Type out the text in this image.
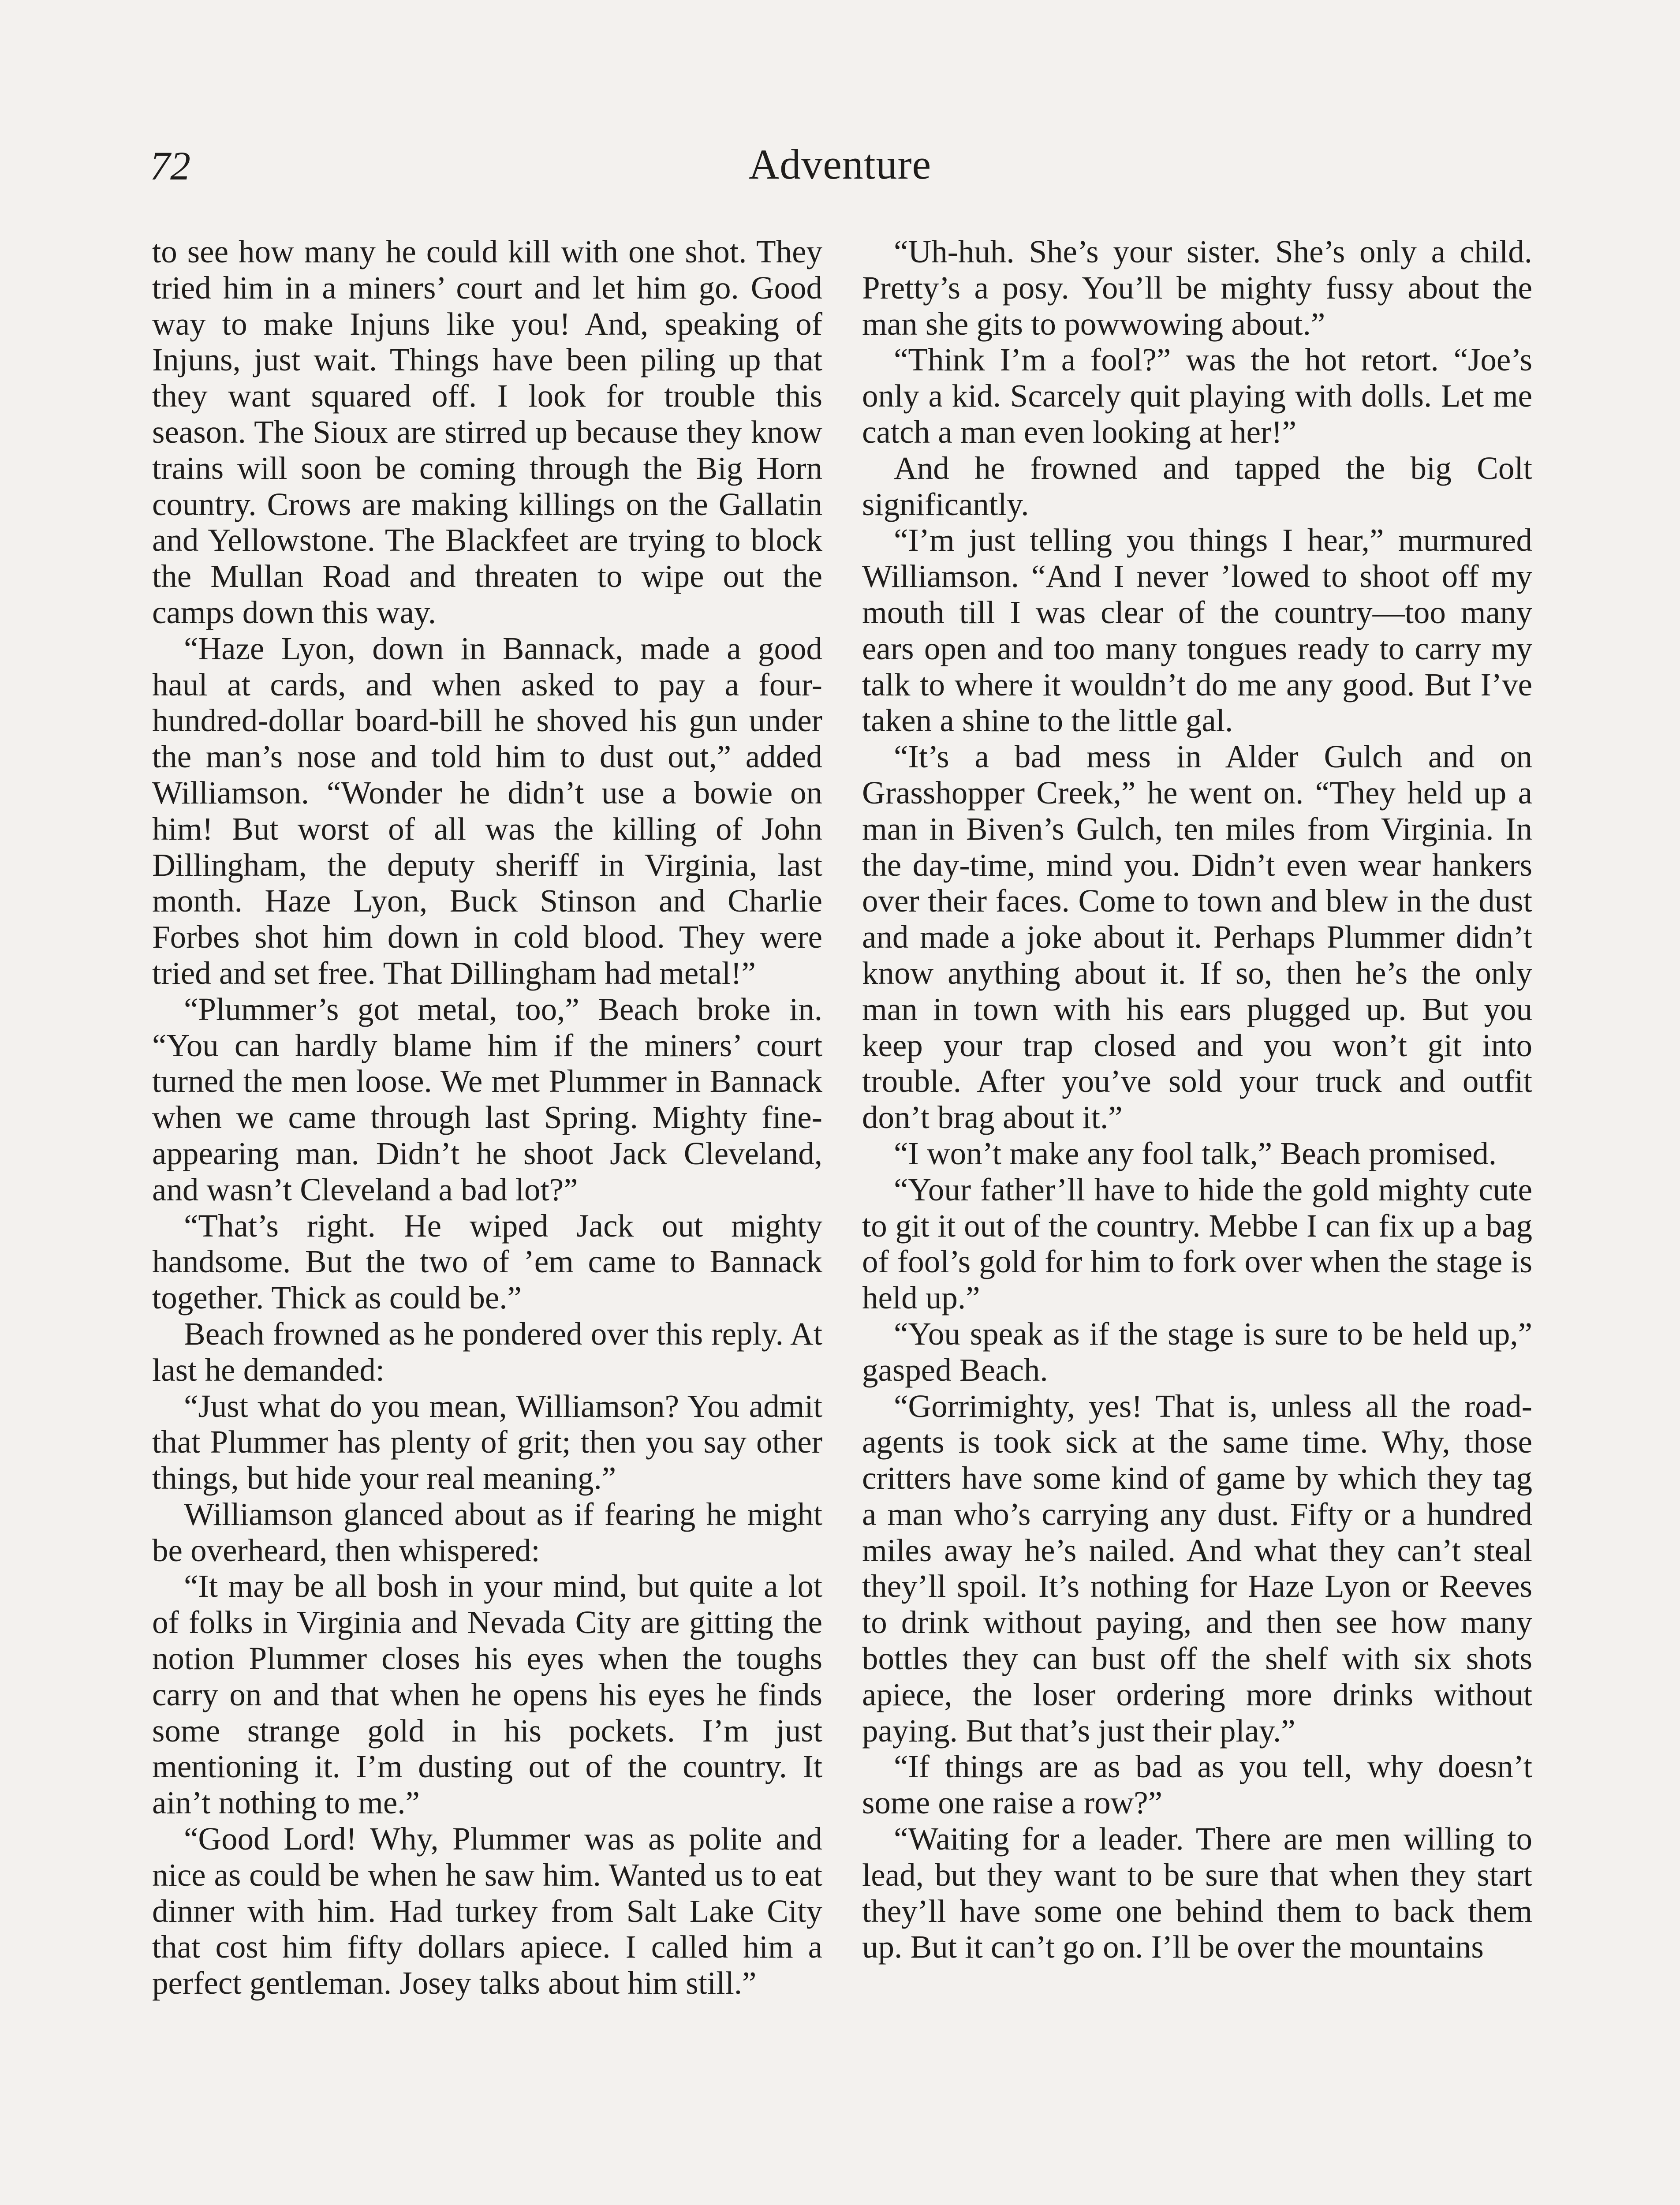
72	Adventure

to see how many he could kill with one shot. They tried him in a miners’ court and let him go. Good way to make Injuns like you! And, speaking of Injuns, just wait. Things have been piling up that they want squared off. I look for trouble this season. The Sioux are stirred up because they know trains will soon be coming through the Big Horn country. Crows are making killings on the Gallatin and Yellowstone. The Blackfeet are trying to block the Mullan Road and threaten to wipe out the camps down this way.

“Haze Lyon, down in Bannack, made a good haul at cards, and when asked to pay a four-hundred-dollar board-bill he shoved his gun under the man’s nose and told him to dust out,” added Williamson. “Wonder he didn’t use a bowie on him! But worst of all was the killing of John Dillingham, the deputy sheriff in Virginia, last month. Haze Lyon, Buck Stinson and Charlie Forbes shot him down in cold blood. They were tried and set free. That Dillingham had metal!”

“Plummer’s got metal, too,” Beach broke in. “You can hardly blame him if the miners’ court turned the men loose. We met Plummer in Bannack when we came through last Spring. Mighty fine-appearing man. Didn’t he shoot Jack Cleveland, and wasn’t Cleveland a bad lot?”

“That’s right. He wiped Jack out mighty handsome. But the two of ’em came to Bannack together. Thick as could be.”

Beach frowned as he pondered over this reply. At last he demanded:

“Just what do you mean, Williamson? You admit that Plummer has plenty of grit; then you say other things, but hide your real meaning.”

Williamson glanced about as if fearing he might be overheard, then whispered:

“It may be all bosh in your mind, but quite a lot of folks in Virginia and Nevada City are gitting the notion Plummer closes his eyes when the toughs carry on and that when he opens his eyes he finds some strange gold in his pockets. I’m just mentioning it. I’m dusting out of the country. It ain’t nothing to me.”

“Good Lord! Why, Plummer was as polite and nice as could be when he saw him. Wanted us to eat dinner with him. Had turkey from Salt Lake City that cost him fifty dollars apiece. I called him a perfect gentleman. Josey talks about him still.”

“Uh-huh. She’s your sister. She’s only a child. Pretty’s a posy. You’ll be mighty fussy about the man she gits to powwowing about.”

“Think I’m a fool?” was the hot retort. “Joe’s only a kid. Scarcely quit playing with dolls. Let me catch a man even looking at her!”

And he frowned and tapped the big Colt significantly.

“I’m just telling you things I hear,” murmured Williamson. “And I never ’lowed to shoot off my mouth till I was clear of the country—too many ears open and too many tongues ready to carry my talk to where it wouldn’t do me any good. But I’ve taken a shine to the little gal.

“It’s a bad mess in Alder Gulch and on Grasshopper Creek,” he went on. “They held up a man in Biven’s Gulch, ten miles from Virginia. In the day-time, mind you. Didn’t even wear hankers over their faces. Come to town and blew in the dust and made a joke about it. Perhaps Plummer didn’t know anything about it. If so, then he’s the only man in town with his ears plugged up. But you keep your trap closed and you won’t git into trouble. After you’ve sold your truck and outfit don’t brag about it.”

“I won’t make any fool talk,” Beach promised.

“Your father’ll have to hide the gold mighty cute to git it out of the country. Mebbe I can fix up a bag of fool’s gold for him to fork over when the stage is held up.”

“You speak as if the stage is sure to be held up,” gasped Beach.

“Gorrimighty, yes! That is, unless all the road-agents is took sick at the same time. Why, those critters have some kind of game by which they tag a man who’s carrying any dust. Fifty or a hundred miles away he’s nailed. And what they can’t steal they’ll spoil. It’s nothing for Haze Lyon or Reeves to drink without paying, and then see how many bottles they can bust off the shelf with six shots apiece, the loser ordering more drinks without paying. But that’s just their play.”

“If things are as bad as you tell, why doesn’t some one raise a row?”

“Waiting for a leader. There are men willing to lead, but they want to be sure that when they start they’ll have some one behind them to back them up. But it can’t go on. I’ll be over the mountains
